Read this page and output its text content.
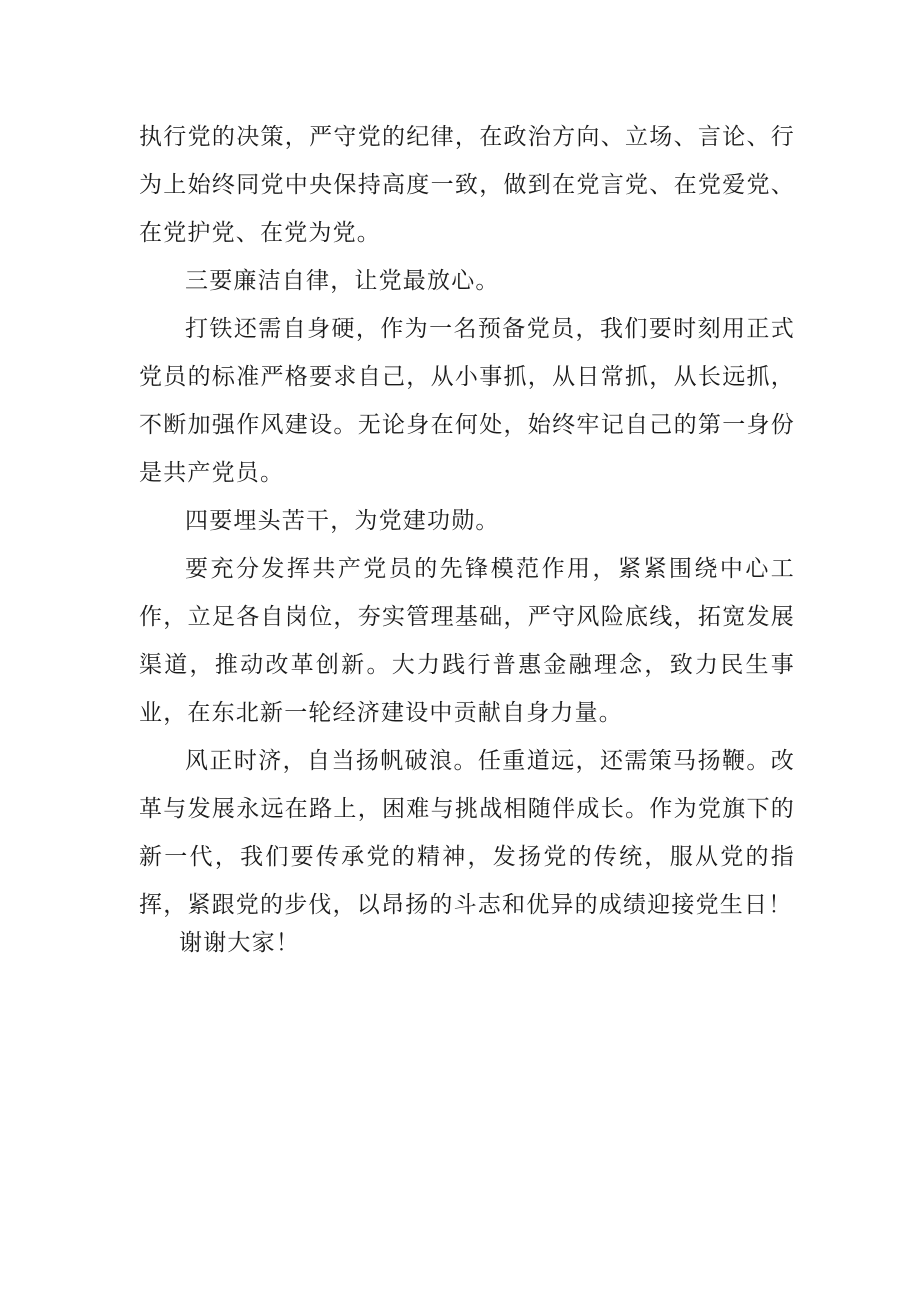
执行党的决策，严守党的纪律，在政治方向、立场、言论、行为上始终同党中央保持高度一致，做到在党言党、在党爱党、在党护党、在党为党。

三要廉洁自律，让党最放心。

打铁还需自身硬，作为一名预备党员，我们要时刻用正式党员的标准严格要求自己，从小事抓，从日常抓，从长远抓，不断加强作风建设。无论身在何处，始终牢记自己的第一身份是共产党员。

四要埋头苦干，为党建功勋。

要充分发挥共产党员的先锋模范作用，紧紧围绕中心工作，立足各自岗位，夯实管理基础，严守风险底线，拓宽发展渠道，推动改革创新。大力践行普惠金融理念，致力民生事业，在东北新一轮经济建设中贡献自身力量。

风正时济，自当扬帆破浪。任重道远，还需策马扬鞭。改革与发展永远在路上，困难与挑战相随伴成长。作为党旗下的新一代，我们要传承党的精神，发扬党的传统，服从党的指挥，紧跟党的步伐，以昂扬的斗志和优异的成绩迎接党生日！

谢谢大家！
